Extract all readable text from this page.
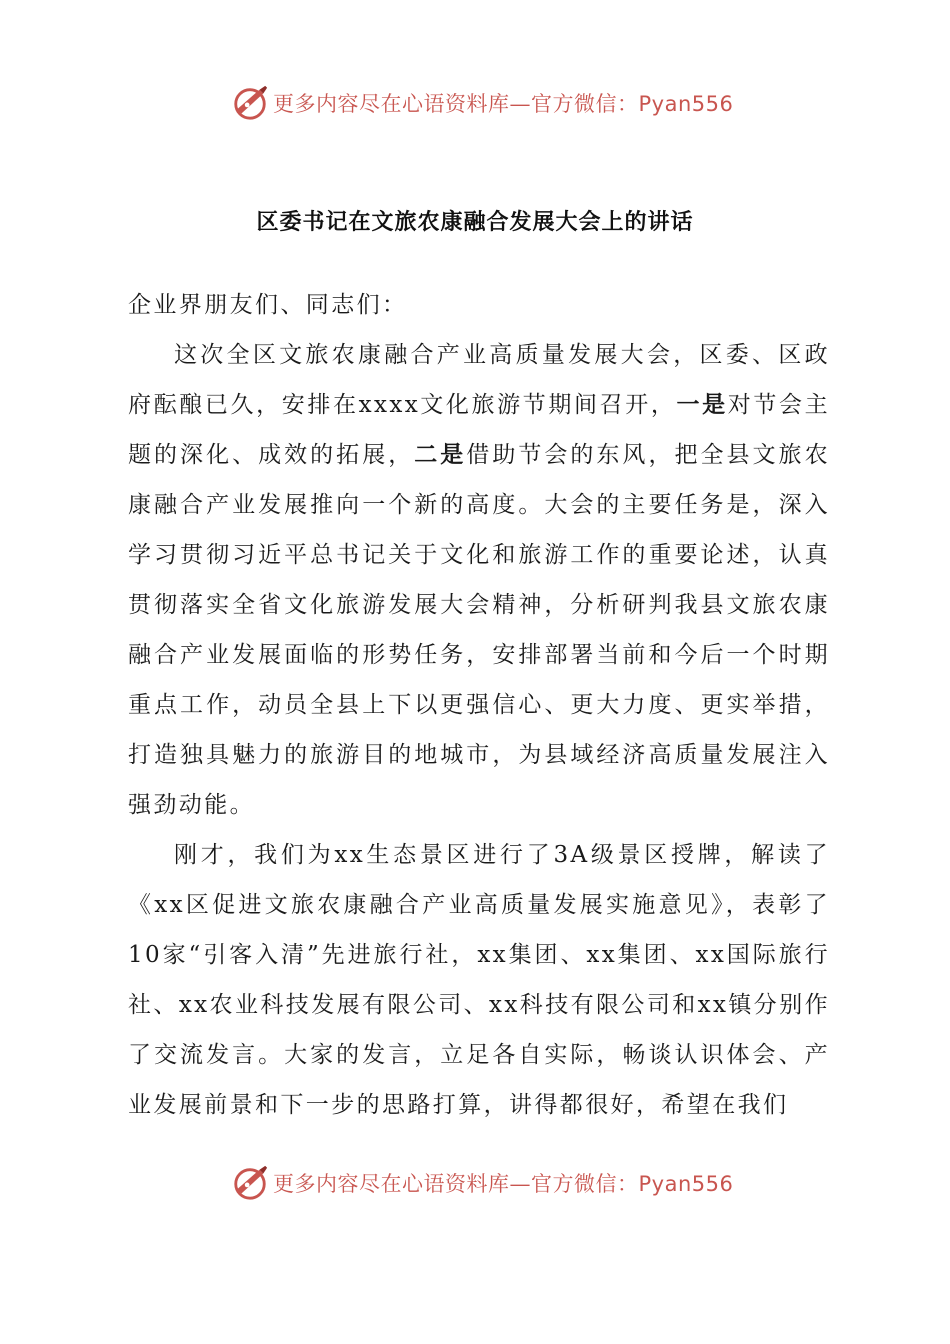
更多内容尽在心语资料库—官方微信：Pyan556
区委书记在文旅农康融合发展大会上的讲话

企业界朋友们、同志们：

这次全区文旅农康融合产业高质量发展大会，区委、区政府酝酿已久，安排在xxxx文化旅游节期间召开，一是对节会主题的深化、成效的拓展，二是借助节会的东风，把全县文旅农康融合产业发展推向一个新的高度。大会的主要任务是，深入学习贯彻习近平总书记关于文化和旅游工作的重要论述，认真贯彻落实全省文化旅游发展大会精神，分析研判我县文旅农康融合产业发展面临的形势任务，安排部署当前和今后一个时期重点工作，动员全县上下以更强信心、更大力度、更实举措，打造独具魅力的旅游目的地城市，为县域经济高质量发展注入强劲动能。

刚才，我们为xx生态景区进行了3A级景区授牌，解读了《xx区促进文旅农康融合产业高质量发展实施意见》，表彰了10家“引客入清”先进旅行社，xx集团、xx集团、xx国际旅行社、xx农业科技发展有限公司、xx科技有限公司和xx镇分别作了交流发言。大家的发言，立足各自实际，畅谈认识体会、产业发展前景和下一步的思路打算，讲得都很好，希望在我们

更多内容尽在心语资料库—官方微信：Pyan556
